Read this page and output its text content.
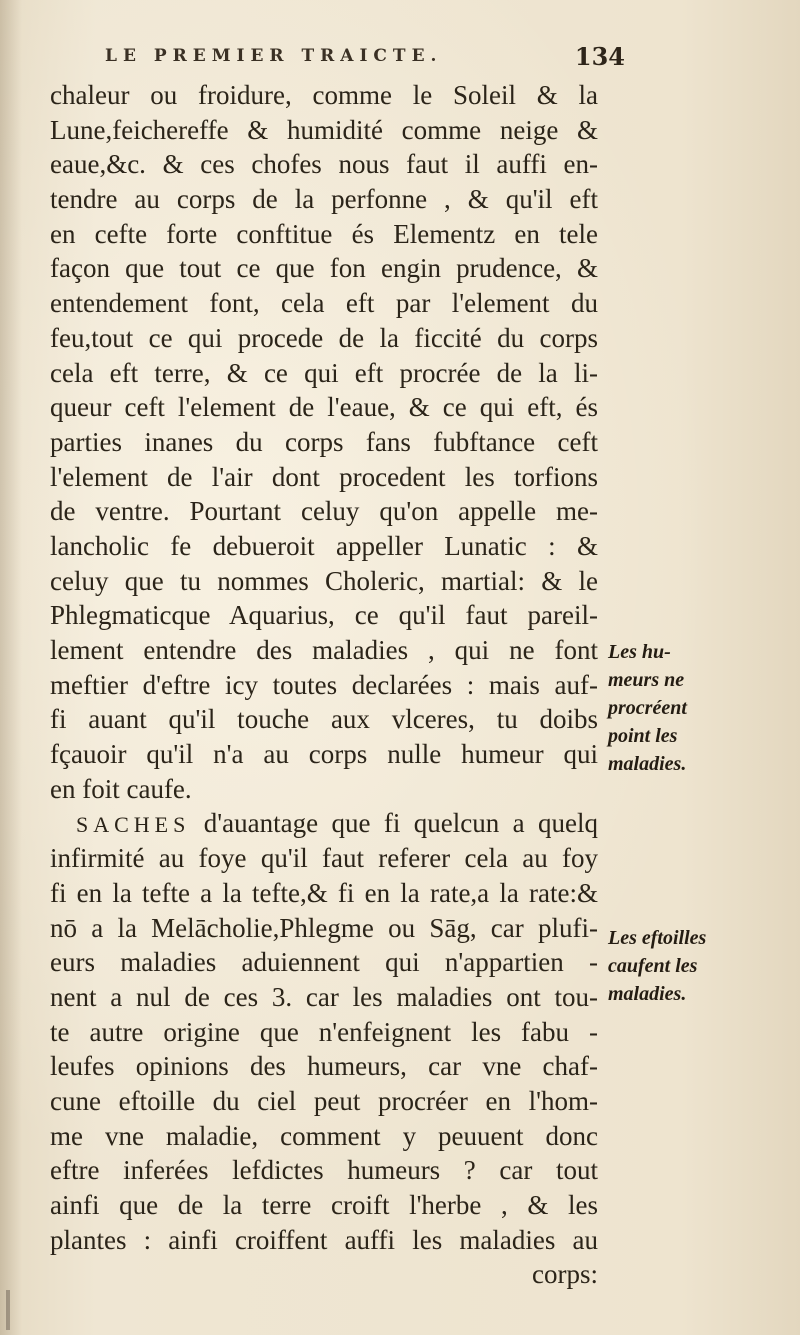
LE PREMIER TRAICTE.	134
chaleur ou froidure, comme le Soleil & la
Lune,feichereffe & humidité comme neige &
eaue,&c. & ces chofes nous faut il auffi en-
tendre au corps de la perfonne , & qu'il eft
en cefte forte conftitue és Elementz en tele
façon que tout ce que fon engin prudence, &
entendement font, cela eft par l'element du
feu,tout ce qui procede de la ficcité du corps
cela eft terre, & ce qui eft procrée de la li-
queur ceft l'element de l'eaue, & ce qui eft, és
parties inanes du corps fans fubftance ceft
l'element de l'air dont procedent les torfions
de ventre. Pourtant celuy qu'on appelle me-
lancholic fe debueroit appeller Lunatic : &
celuy que tu nommes Choleric, martial: & le
Phlegmaticque Aquarius, ce qu'il faut pareil-
lement entendre des maladies , qui ne font
meftier d'eftre icy toutes declarées : mais auf-
fi auant qu'il touche aux vlceres, tu doibs
fçauoir qu'il n'a au corps nulle humeur qui
en foit caufe.
SACHES d'auantage que fi quelcun a quelq
infirmité au foye qu'il faut referer cela au foy
fi en la tefte a la tefte,& fi en la rate,a la rate:&
nō a la Melācholie,Phlegme ou Sāg, car plufi-
eurs maladies aduiennent qui n'appartien -
nent a nul de ces 3. car les maladies ont tou-
te autre origine que n'enfeignent les fabu -
leufes opinions des humeurs, car vne chaf-
cune eftoille du ciel peut procréer en l'hom-
me vne maladie, comment y peuuent donc
eftre inferées lefdictes humeurs ? car tout
ainfi que de la terre croift l'herbe , & les
plantes : ainfi croiffent auffi les maladies au
corps:
Les hu-
meurs ne
procréent
point les
maladies.
Les eftoilles
caufent les
maladies.
